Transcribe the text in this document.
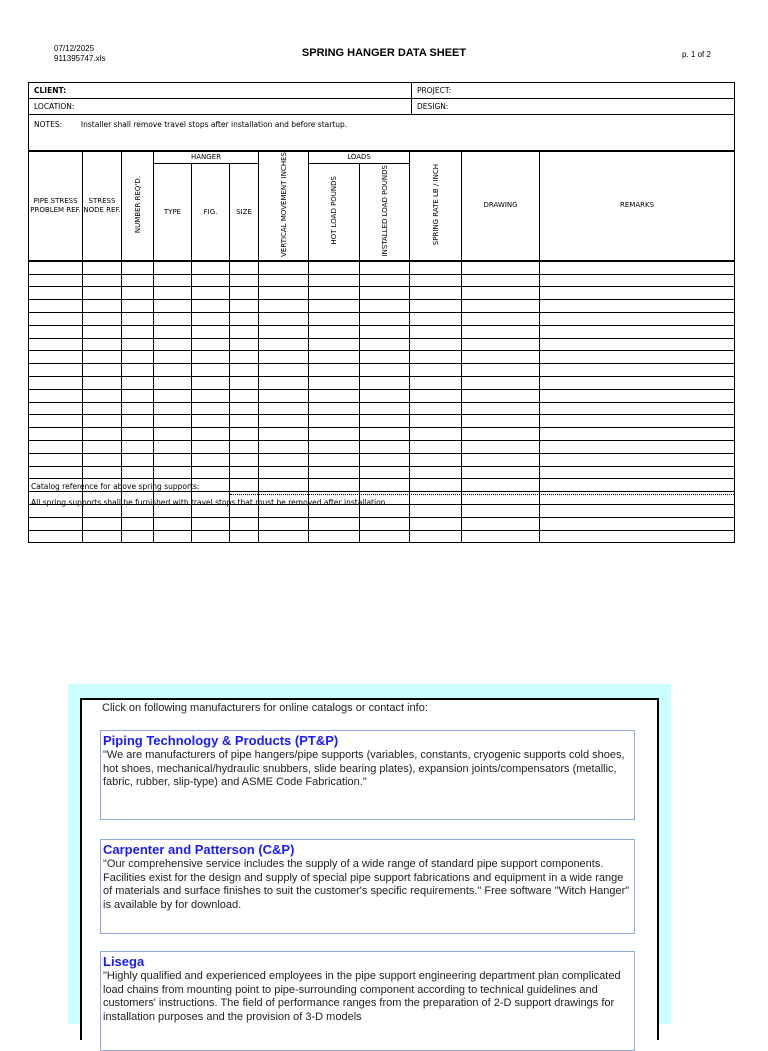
07/12/2025
911395747.xls	SPRING HANGER DATA SHEET	p. 1 of 2
CLIENT:	PROJECT:
LOCATION:	DESIGN:
NOTES: Installer shall remove travel stops after installation and before startup.	
PIPE STRESS PROBLEM REF.	STRESS NODE REF.	NUMBER REQ'D.	HANGER			VERTICAL MOVEMENT INCHES	LOADS		SPRING RATE LB / INCH	DRAWING	REMARKS
			TYPE	FIG.	SIZE		HOT LOAD POUNDS	INSTALLED LOAD POUNDS			

Catalog reference for above spring supports:
All spring supports shall be furnished with travel stops that must be removed after installation.
Click on following manufacturers for online catalogs or contact info:
Piping Technology & Products (PT&P)
"We are manufacturers of pipe hangers/pipe supports (variables, constants, cryogenic supports cold shoes, hot shoes, mechanical/hydraulic snubbers, slide bearing plates), expansion joints/compensators (metallic, fabric, rubber, slip-type) and ASME Code Fabrication."
Carpenter and Patterson (C&P)
"Our comprehensive service includes the supply of a wide range of standard pipe support components. Facilities exist for the design and supply of special pipe support fabrications and equipment in a wide range of materials and surface finishes to suit the customer's specific requirements." Free software "Witch Hanger" is available by for download.
Lisega
"Highly qualified and experienced employees in the pipe support engineering department plan complicated load chains from mounting point to pipe-surrounding component according to technical guidelines and customers' instructions. The field of performance ranges from the preparation of 2-D support drawings for installation purposes and the provision of 3-D models
